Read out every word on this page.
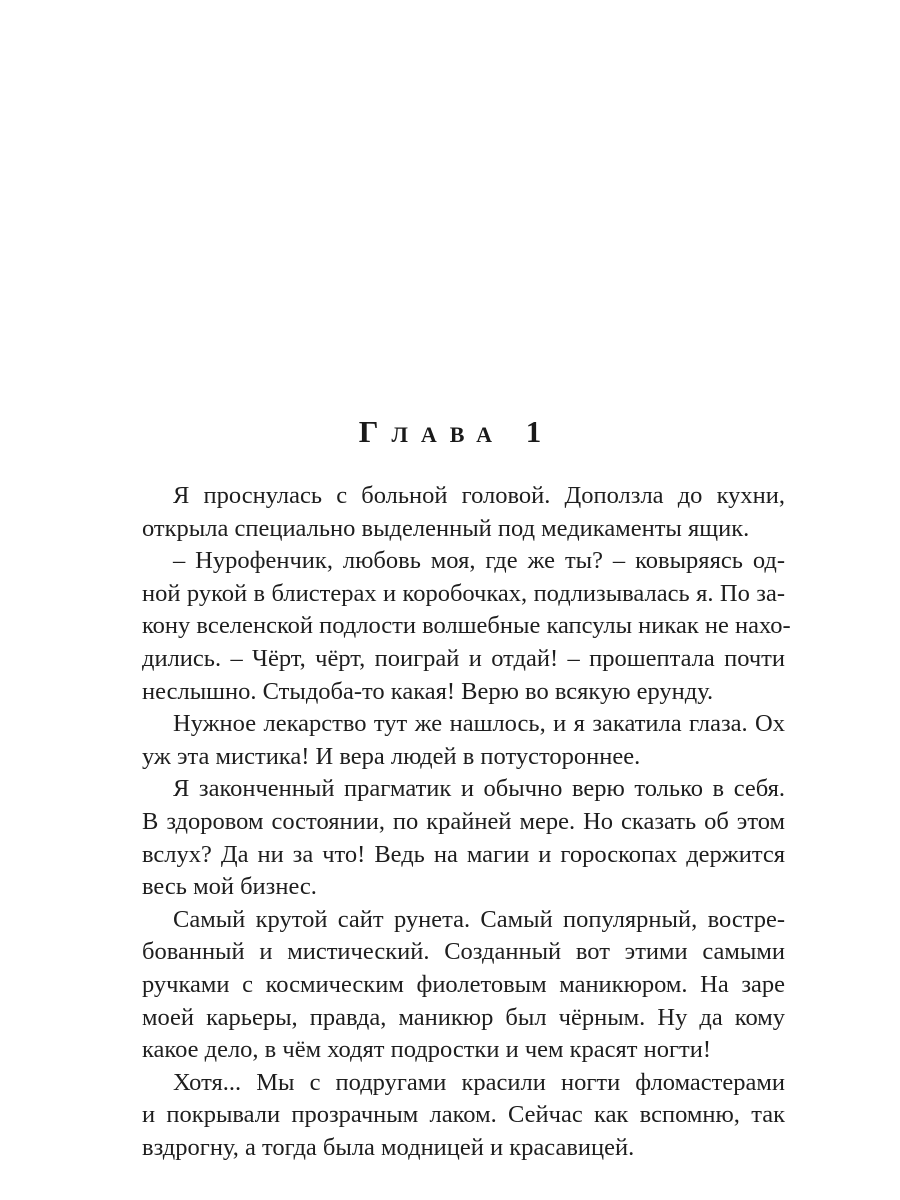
Глава 1
Я проснулась с больной головой. Доползла до кухни,
открыла специально выделенный под медикаменты ящик.
– Нурофенчик, любовь моя, где же ты? – ковыряясь од-
ной рукой в блистерах и коробочках, подлизывалась я. По за-
кону вселенской подлости волшебные капсулы никак не нахо-
дились. – Чёрт, чёрт, поиграй и отдай! – прошептала почти
неслышно. Стыдоба-то какая! Верю во всякую ерунду.
Нужное лекарство тут же нашлось, и я закатила глаза. Ох
уж эта мистика! И вера людей в потустороннее.
Я законченный прагматик и обычно верю только в себя.
В здоровом состоянии, по крайней мере. Но сказать об этом
вслух? Да ни за что! Ведь на магии и гороскопах держится
весь мой бизнес.
Самый крутой сайт рунета. Самый популярный, востре-
бованный и мистический. Созданный вот этими самыми
ручками с космическим фиолетовым маникюром. На заре
моей карьеры, правда, маникюр был чёрным. Ну да кому
какое дело, в чём ходят подростки и чем красят ногти!
Хотя... Мы с подругами красили ногти фломастерами
и покрывали прозрачным лаком. Сейчас как вспомню, так
вздрогну, а тогда была модницей и красавицей.
